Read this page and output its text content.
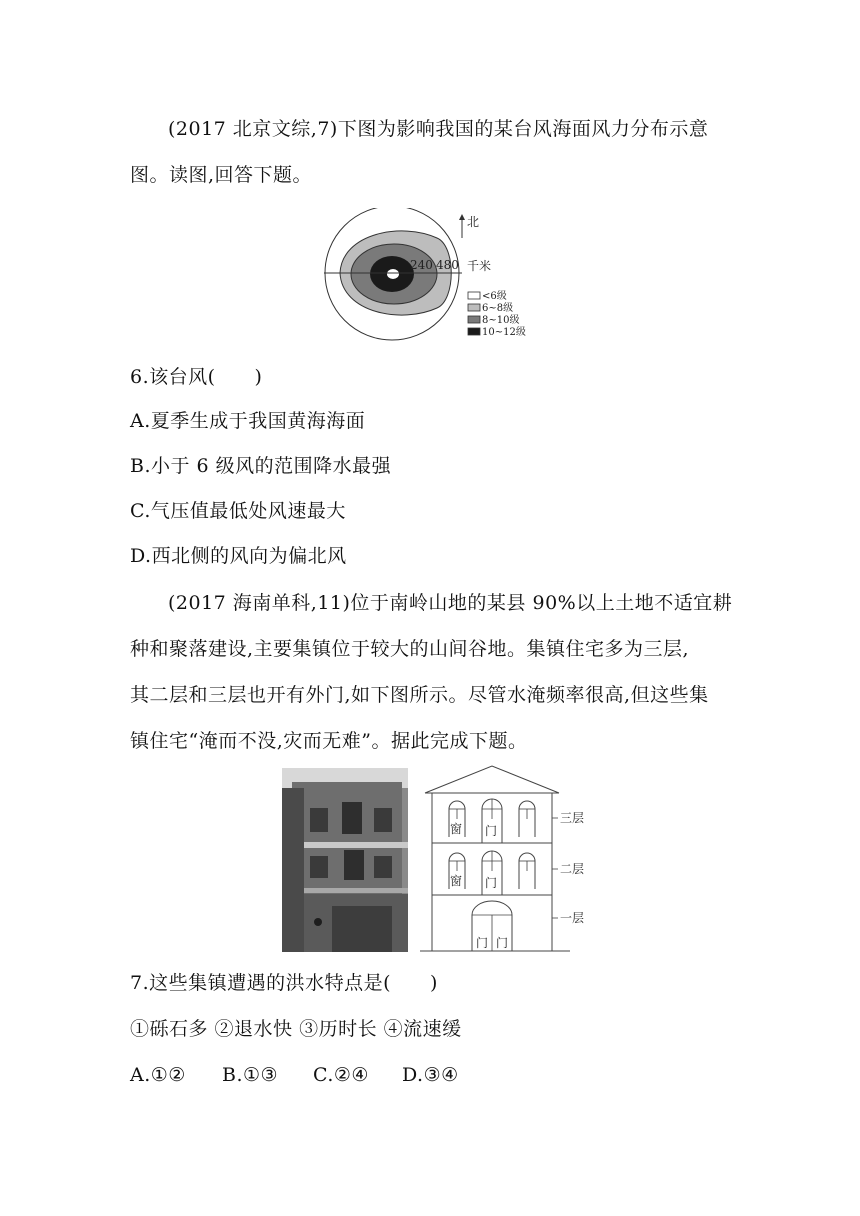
(2017 北京文综,7)下图为影响我国的某台风海面风力分布示意
图。读图,回答下题。
240 480 千米
北
<6级
6~8级
8~10级
10~12级
6.该台风(　　)
A.夏季生成于我国黄海海面
B.小于 6 级风的范围降水最强
C.气压值最低处风速最大
D.西北侧的风向为偏北风
(2017 海南单科,11)位于南岭山地的某县 90%以上土地不适宜耕
种和聚落建设,主要集镇位于较大的山间谷地。集镇住宅多为三层,
其二层和三层也开有外门,如下图所示。尽管水淹频率很高,但这些集
镇住宅“淹而不没,灾而无难”。据此完成下题。
窗 门
窗 门
门 门
三层
二层
一层
7.这些集镇遭遇的洪水特点是(　　)
①砾石多 ②退水快 ③历时长 ④流速缓
A.①② B.①③ C.②④ D.③④
